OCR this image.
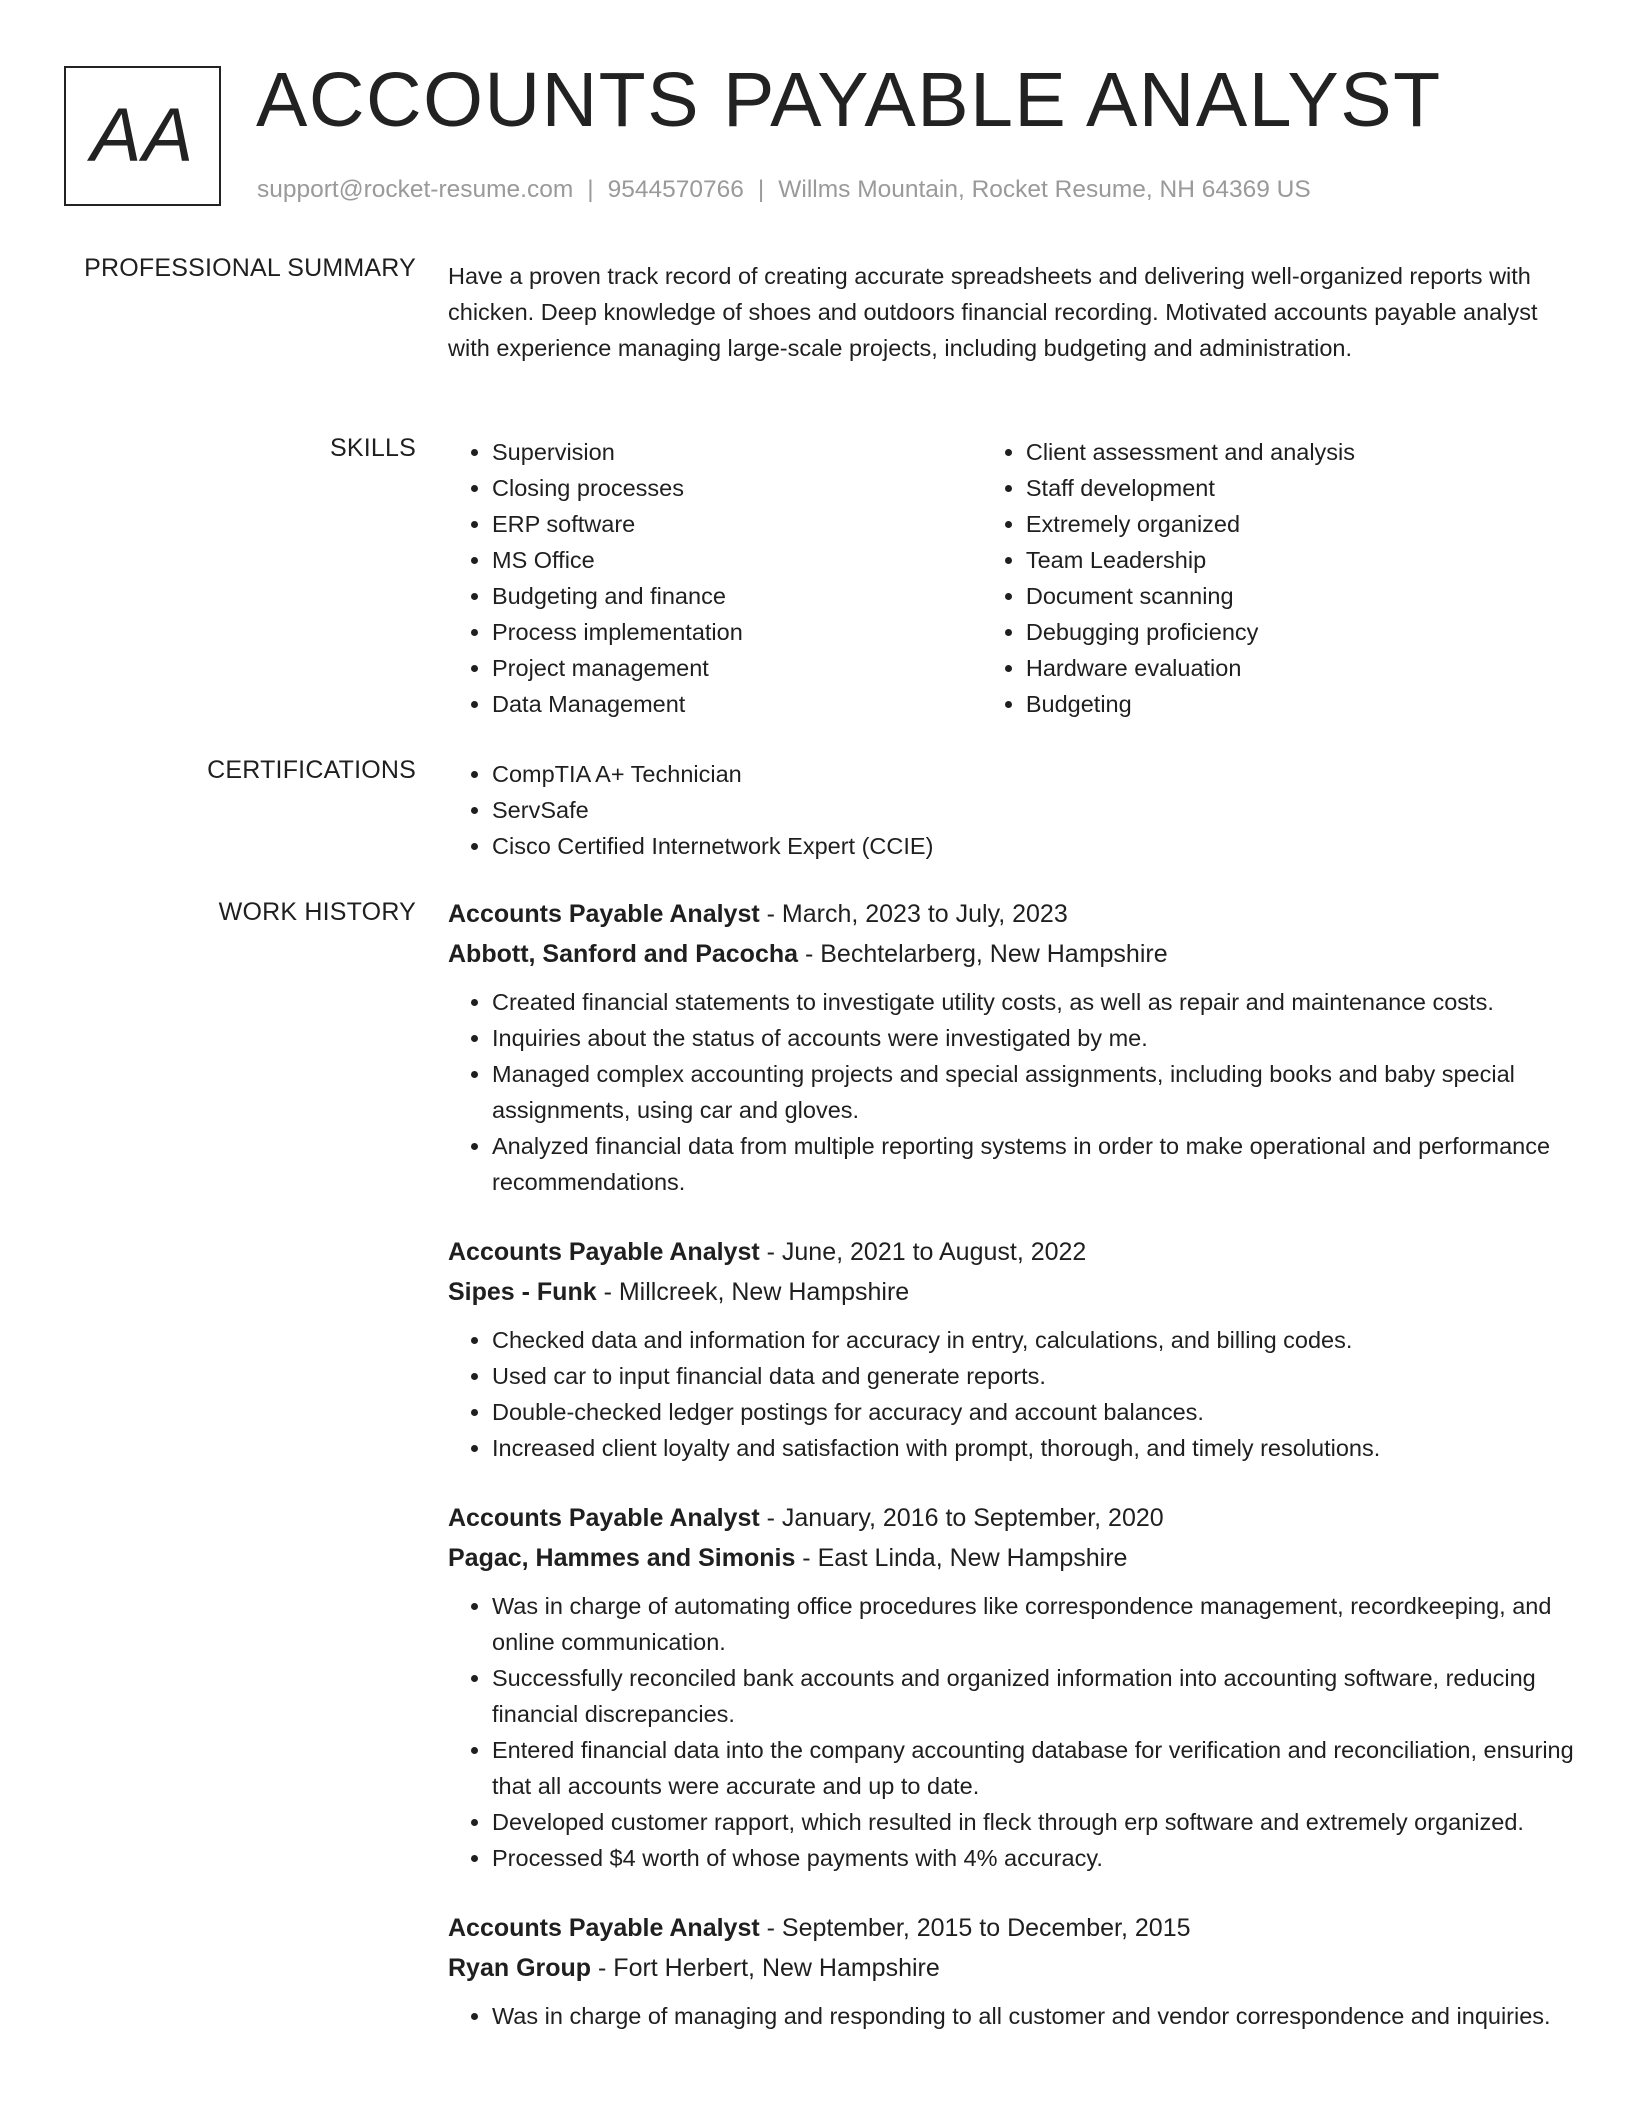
AA ACCOUNTS PAYABLE ANALYST
support@rocket-resume.com | 9544570766 | Willms Mountain, Rocket Resume, NH 64369 US
PROFESSIONAL SUMMARY Have a proven track record of creating accurate spreadsheets and delivering well-organized reports with chicken. Deep knowledge of shoes and outdoors financial recording. Motivated accounts payable analyst with experience managing large-scale projects, including budgeting and administration.

SKILLS	• Supervision
• Closing processes
• ERP software
• MS Office
• Budgeting and finance
• Process implementation
• Project management
• Data Management
• Client assessment and analysis
• Staff development
• Extremely organized
• Team Leadership
• Document scanning
• Debugging proficiency
• Hardware evaluation
• Budgeting
CERTIFICATIONS	• CompTIA A+ Technician
• ServSafe
• Cisco Certified Internetwork Expert (CCIE)
WORK HISTORY Accounts Payable Analyst - March, 2023 to July, 2023
Abbott, Sanford and Pacocha - Bechtelarberg, New Hampshire
• Created financial statements to investigate utility costs, as well as repair and maintenance costs.
• Inquiries about the status of accounts were investigated by me.
• Managed complex accounting projects and special assignments, including books and baby special assignments, using car and gloves.
• Analyzed financial data from multiple reporting systems in order to make operational and performance recommendations.
Accounts Payable Analyst - June, 2021 to August, 2022
Sipes - Funk - Millcreek, New Hampshire
• Checked data and information for accuracy in entry, calculations, and billing codes.
• Used car to input financial data and generate reports.
• Double-checked ledger postings for accuracy and account balances.
• Increased client loyalty and satisfaction with prompt, thorough, and timely resolutions.
Accounts Payable Analyst - January, 2016 to September, 2020
Pagac, Hammes and Simonis - East Linda, New Hampshire
• Was in charge of automating office procedures like correspondence management, recordkeeping, and online communication.
• Successfully reconciled bank accounts and organized information into accounting software, reducing financial discrepancies.
• Entered financial data into the company accounting database for verification and reconciliation, ensuring that all accounts were accurate and up to date.
• Developed customer rapport, which resulted in fleck through erp software and extremely organized.
• Processed $4 worth of whose payments with 4% accuracy.
Accounts Payable Analyst - September, 2015 to December, 2015
Ryan Group - Fort Herbert, New Hampshire
• Was in charge of managing and responding to all customer and vendor correspondence and inquiries.
